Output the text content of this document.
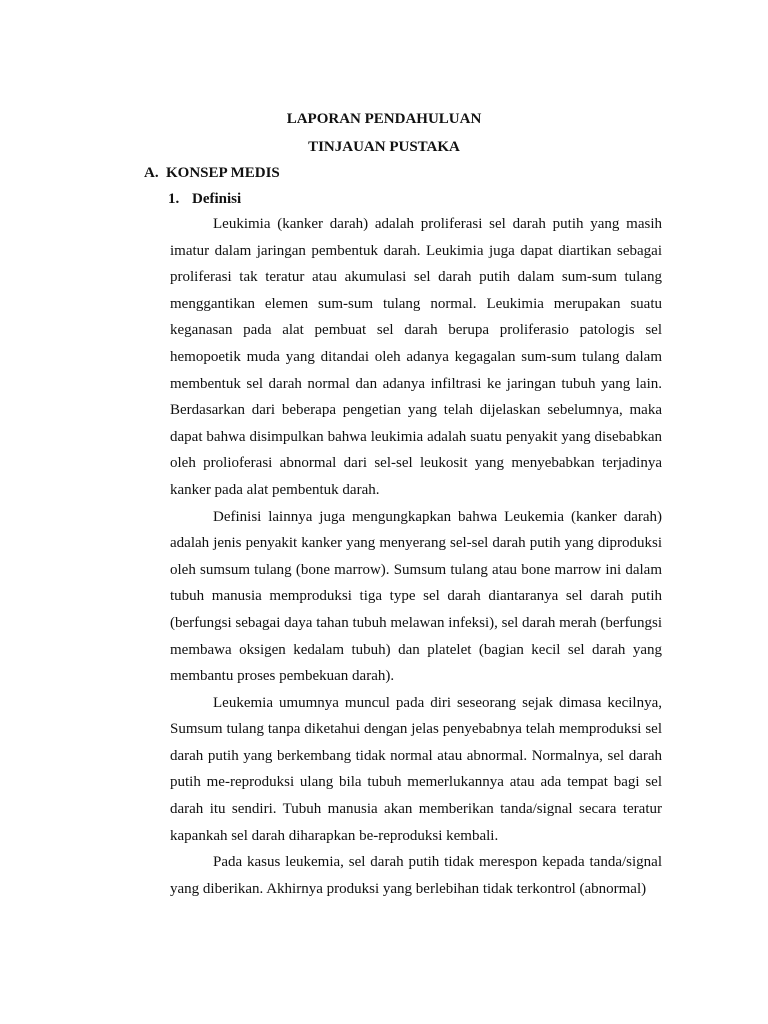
LAPORAN PENDAHULUAN

TINJAUAN PUSTAKA

A. KONSEP MEDIS

1. Definisi

Leukimia (kanker darah) adalah proliferasi sel darah putih yang masih imatur dalam jaringan pembentuk darah. Leukimia juga dapat diartikan sebagai proliferasi tak teratur atau akumulasi sel darah putih dalam sum-sum tulang menggantikan elemen sum-sum tulang normal. Leukimia merupakan suatu keganasan pada alat pembuat sel darah berupa proliferasio patologis sel hemopoetik muda yang ditandai oleh adanya kegagalan sum-sum tulang dalam membentuk sel darah normal dan adanya infiltrasi ke jaringan tubuh yang lain. Berdasarkan dari beberapa pengetian yang telah dijelaskan sebelumnya, maka dapat bahwa disimpulkan bahwa leukimia adalah suatu penyakit yang disebabkan oleh prolioferasi abnormal dari sel-sel leukosit yang menyebabkan terjadinya kanker pada alat pembentuk darah.

Definisi lainnya juga mengungkapkan bahwa Leukemia (kanker darah) adalah jenis penyakit kanker yang menyerang sel-sel darah putih yang diproduksi oleh sumsum tulang (bone marrow). Sumsum tulang atau bone marrow ini dalam tubuh manusia memproduksi tiga type sel darah diantaranya sel darah putih (berfungsi sebagai daya tahan tubuh melawan infeksi), sel darah merah (berfungsi membawa oksigen kedalam tubuh) dan platelet (bagian kecil sel darah yang membantu proses pembekuan darah).

Leukemia umumnya muncul pada diri seseorang sejak dimasa kecilnya, Sumsum tulang tanpa diketahui dengan jelas penyebabnya telah memproduksi sel darah putih yang berkembang tidak normal atau abnormal. Normalnya, sel darah putih me-reproduksi ulang bila tubuh memerlukannya atau ada tempat bagi sel darah itu sendiri. Tubuh manusia akan memberikan tanda/signal secara teratur kapankah sel darah diharapkan be-reproduksi kembali.

Pada kasus leukemia, sel darah putih tidak merespon kepada tanda/signal yang diberikan. Akhirnya produksi yang berlebihan tidak terkontrol (abnormal)
